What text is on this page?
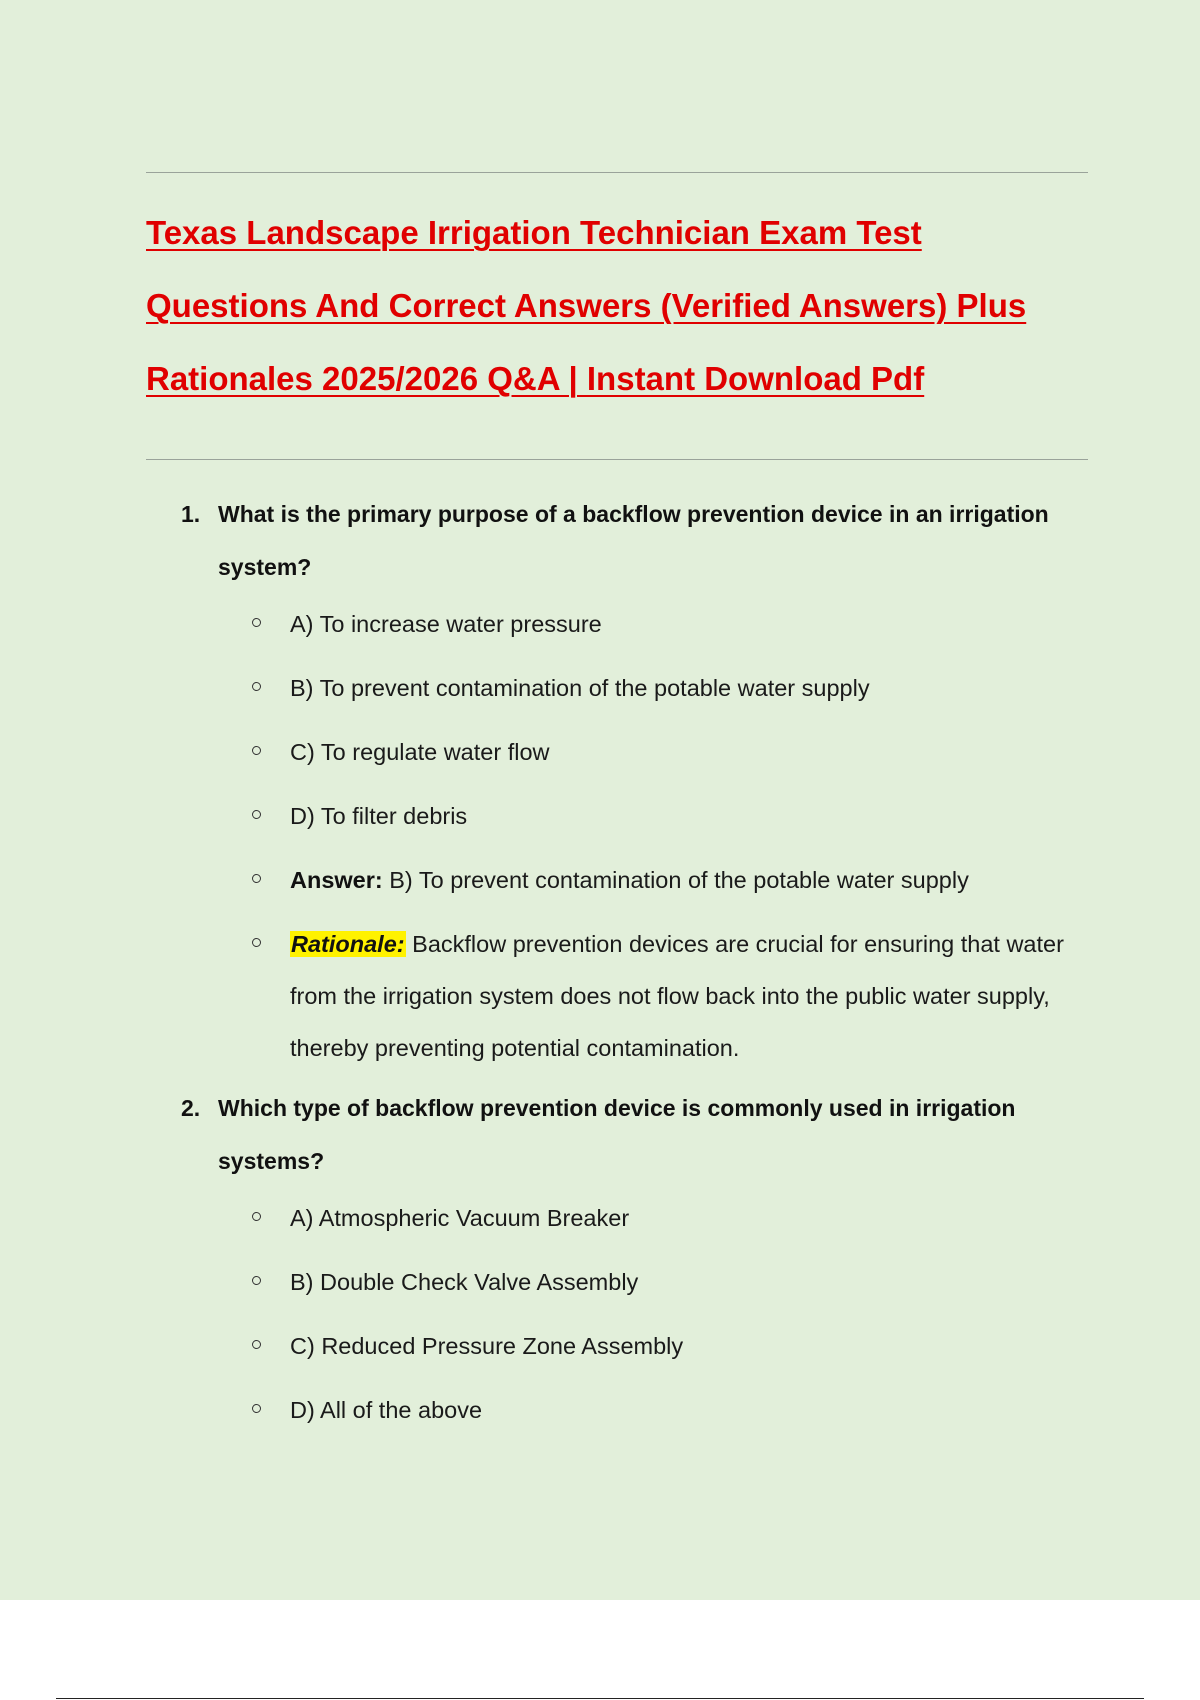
Texas Landscape Irrigation Technician Exam Test
Questions And Correct Answers (Verified Answers) Plus
Rationales 2025/2026 Q&A | Instant Download Pdf
1. What is the primary purpose of a backflow prevention device in an irrigation system?
A) To increase water pressure
B) To prevent contamination of the potable water supply
C) To regulate water flow
D) To filter debris
Answer: B) To prevent contamination of the potable water supply
Rationale: Backflow prevention devices are crucial for ensuring that water from the irrigation system does not flow back into the public water supply, thereby preventing potential contamination.
2. Which type of backflow prevention device is commonly used in irrigation systems?
A) Atmospheric Vacuum Breaker
B) Double Check Valve Assembly
C) Reduced Pressure Zone Assembly
D) All of the above
